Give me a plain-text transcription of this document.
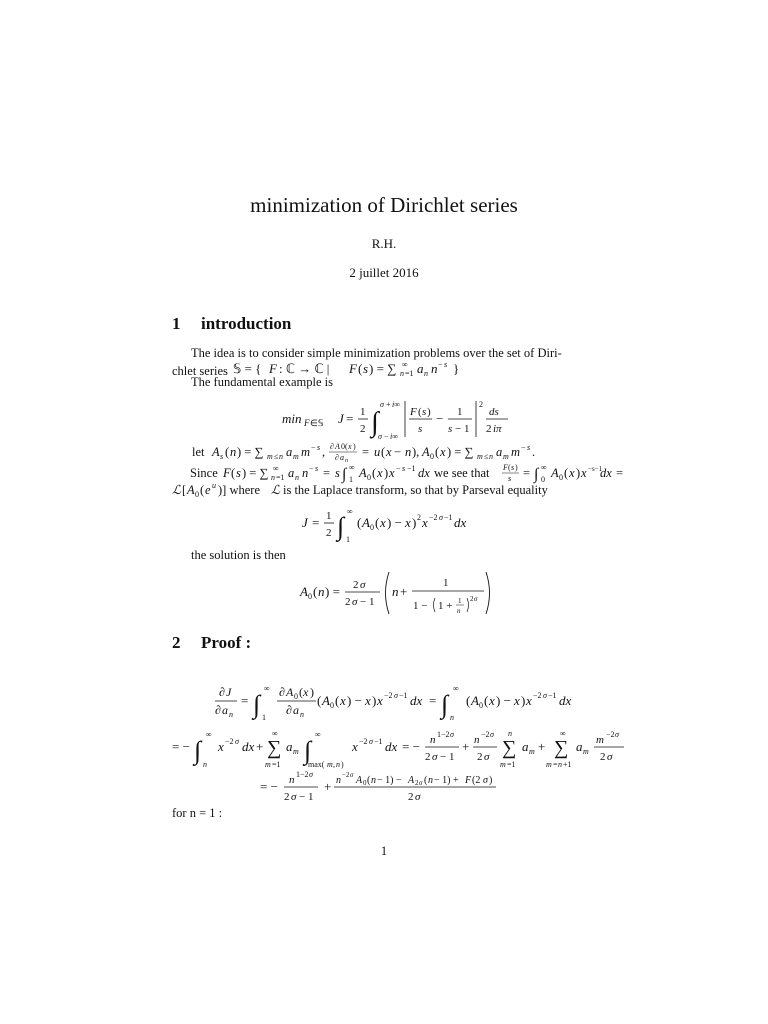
minimization of Dirichlet series
R.H.
2 juillet 2016
1 introduction
The idea is to consider simple minimization problems over the set of Diri-
chlet series 𝕊 = { F : ℂ → ℂ | F ( s ) = ∑ ∞
n =1 a n n − s }
The fundamental example is
min F ∈𝕊 J = 1
2 ∫
σ + i∞
σ − i∞
F ( s )
s
− 1
s − 1
2
ds
2 iπ
let A s ( n ) = ∑ m ≤ n a m m − s , ∂ A 0 ( x )
∂ a n
= u ( x − n ), A 0 ( x ) = ∑ m ≤ n a m m − s .
Since F ( s ) = ∑ ∞
n =1 a n n − s = s ∫ ∞
1 A 0 ( x ) x − s −1 dx we see that F ( s )
s = ∫ ∞
0 A 0 ( x ) x −s−1
dx =
ℒ [ A 0 ( e u )] where ℒ is the Laplace transform, so that by Parseval equality
J = 1
2 ∫
∞
1
( A 0 ( x ) − x ) 2 x −2 σ −1 dx
the solution is then
A 0 ( n ) = 2 σ
2 σ − 1
n +
1
1 − 1 + 1
n
2 σ
2 Proof :
∂ J
∂ a n
= ∫
∞
1
∂ A 0 ( x )
∂ a n
( A 0 ( x ) − x ) x −2 σ −1 dx = ∫
∞
n
( A 0 ( x ) − x ) x −2 σ −1 dx
= − ∫
∞
n
x −2 σ dx + ∑
∞
m =1
a m ∫
∞
max( m , n )
x −2 σ −1 dx = − n 1−2 σ
2 σ − 1
+ n −2 σ
2 σ ∑
n
m =1
a m + ∑
∞
m = n +1
a m
m −2 σ
2 σ
= − n 1−2 σ
2 σ − 1
+ n −2 σ A 0 ( n − 1) − A 2 σ ( n − 1) + F (2 σ )
2 σ
for n = 1 :
1
